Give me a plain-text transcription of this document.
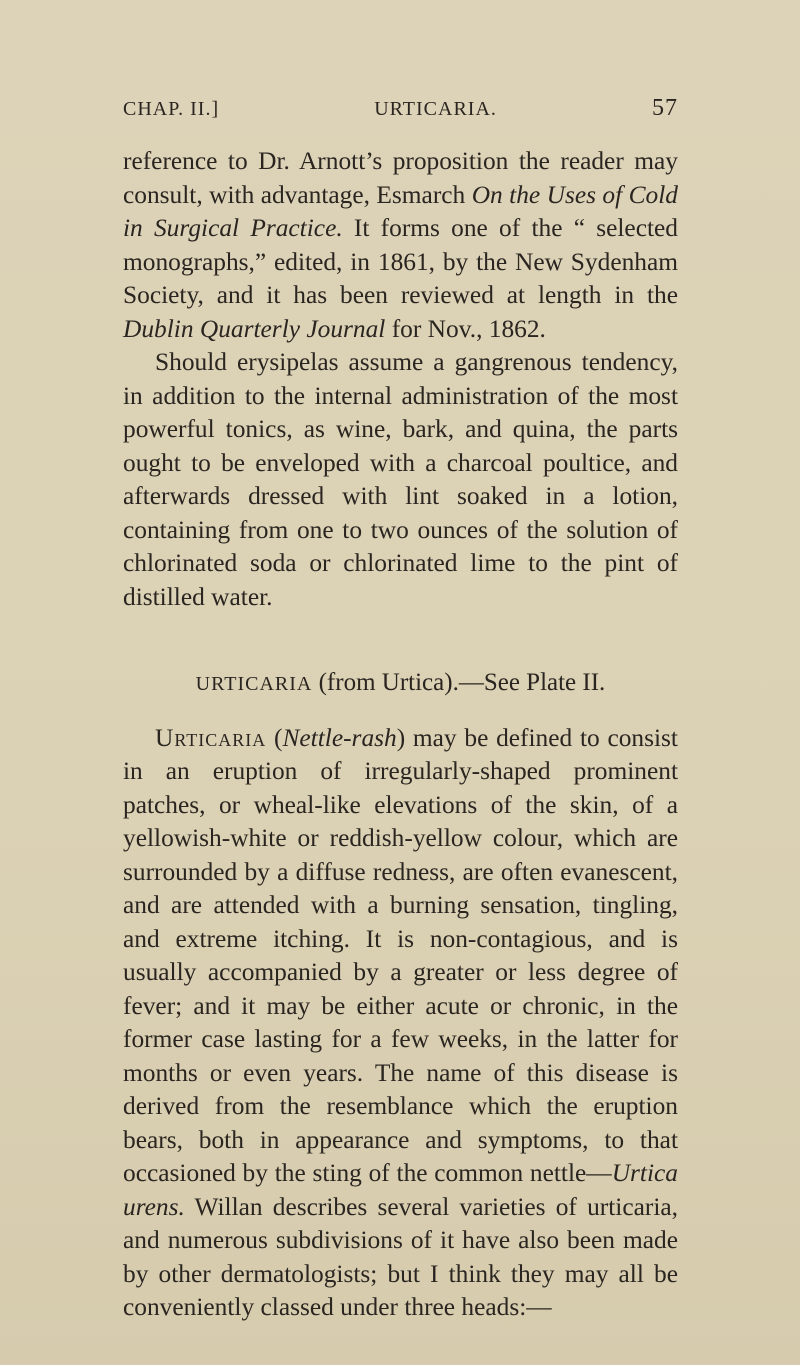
CHAP. II.]	URTICARIA.	57

reference to Dr. Arnott’s proposition the reader may consult, with advantage, Esmarch On the Uses of Cold in Surgical Practice. It forms one of the “ selected monographs,” edited, in 1861, by the New Sydenham Society, and it has been reviewed at length in the Dublin Quarterly Journal for Nov., 1862.

Should erysipelas assume a gangrenous tendency, in addition to the internal administration of the most powerful tonics, as wine, bark, and quina, the parts ought to be enveloped with a charcoal poultice, and afterwards dressed with lint soaked in a lotion, containing from one to two ounces of the solution of chlorinated soda or chlorinated lime to the pint of distilled water.

URTICARIA (from Urtica).—See Plate II.

Urticaria (Nettle-rash) may be defined to consist in an eruption of irregularly-shaped prominent patches, or wheal-like elevations of the skin, of a yellowish-white or reddish-yellow colour, which are surrounded by a diffuse redness, are often evanescent, and are attended with a burning sensation, tingling, and extreme itching. It is non-contagious, and is usually accompanied by a greater or less degree of fever; and it may be either acute or chronic, in the former case lasting for a few weeks, in the latter for months or even years. The name of this disease is derived from the resemblance which the eruption bears, both in appearance and symptoms, to that occasioned by the sting of the common nettle—Urtica urens. Willan describes several varieties of urticaria, and numerous subdivisions of it have also been made by other dermatologists; but I think they may all be conveniently classed under three heads:—
